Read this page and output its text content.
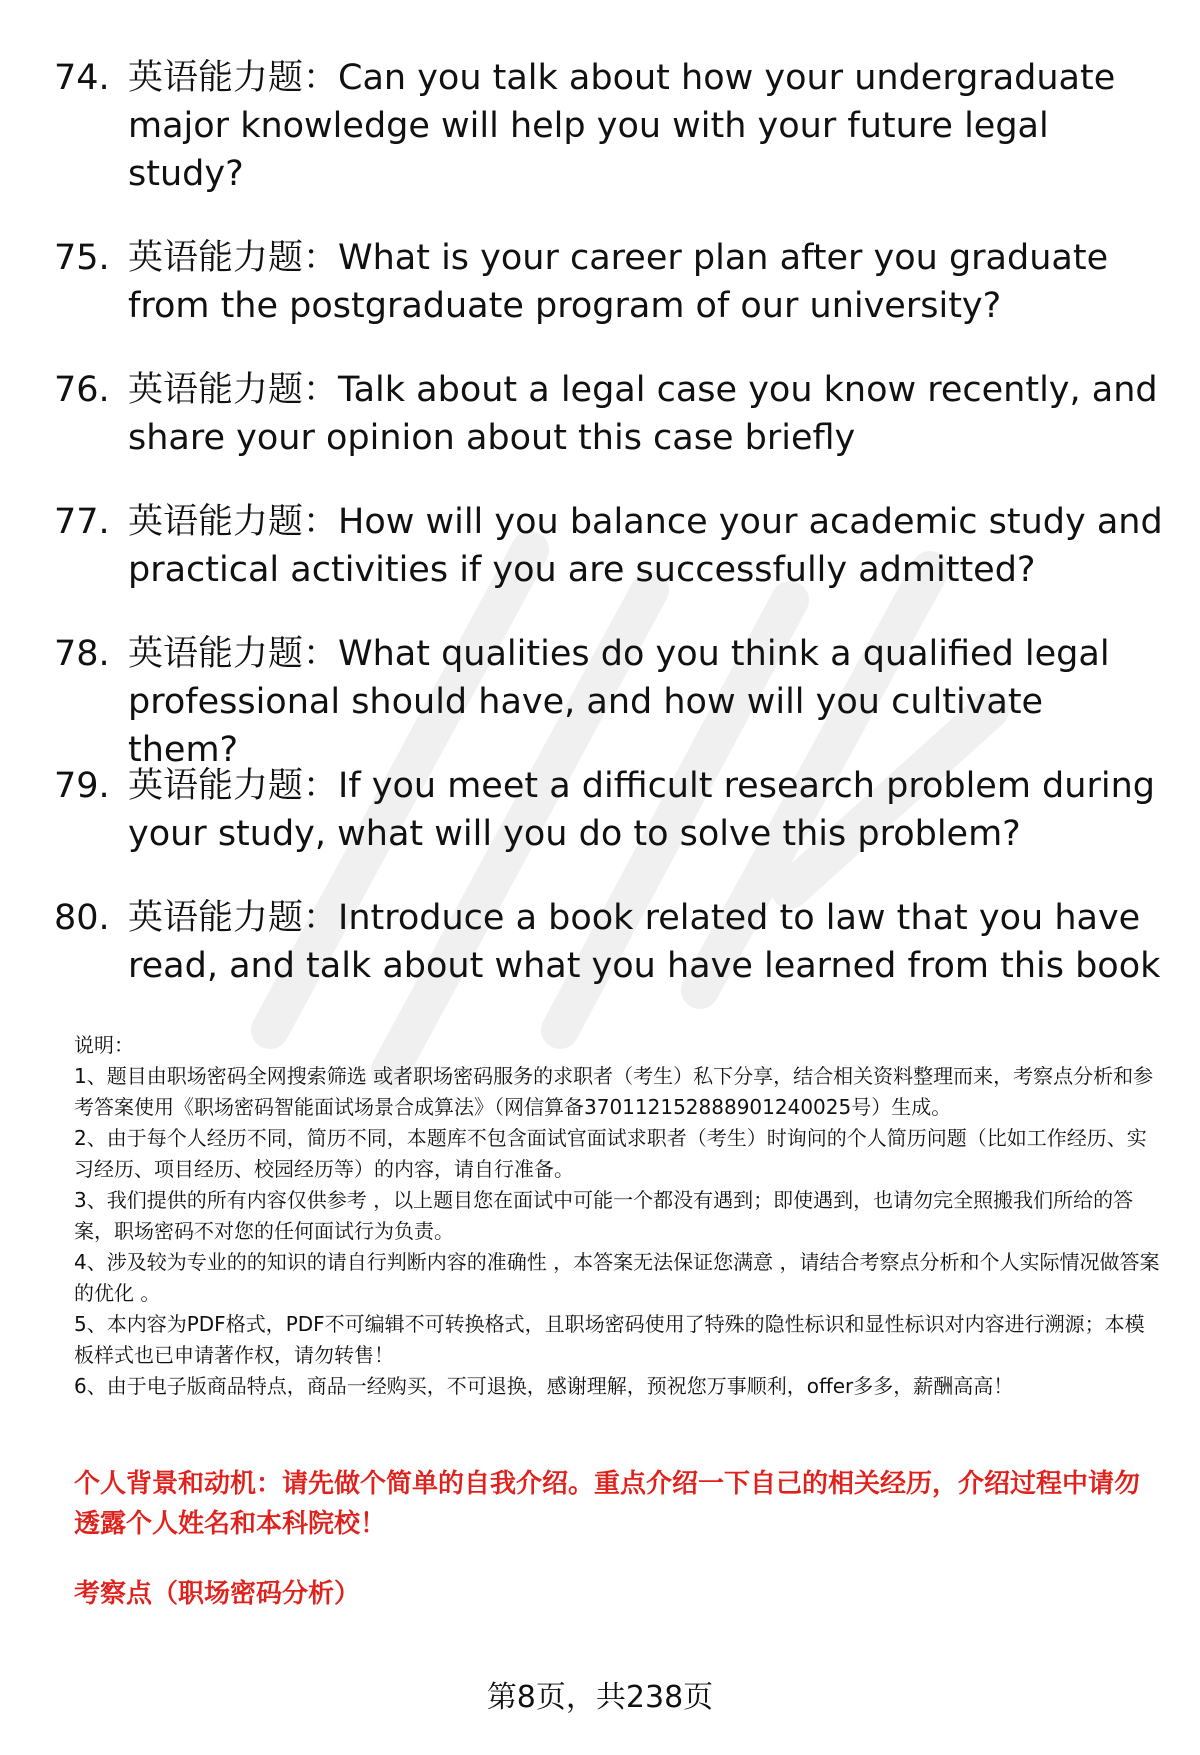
74. 英语能力题：Can you talk about how your undergraduate major knowledge will help you with your future legal study?
75. 英语能力题：What is your career plan after you graduate from the postgraduate program of our university?
76. 英语能力题：Talk about a legal case you know recently, and share your opinion about this case briefly
77. 英语能力题：How will you balance your academic study and practical activities if you are successfully admitted?
78. 英语能力题：What qualities do you think a qualified legal professional should have, and how will you cultivate them?
79. 英语能力题：If you meet a difficult research problem during your study, what will you do to solve this problem?
80. 英语能力题：Introduce a book related to law that you have read, and talk about what you have learned from this book

说明：

1、题目由职场密码全网搜索筛选 或者职场密码服务的求职者（考生）私下分享，结合相关资料整理而来，考察点分析和参考答案使用《职场密码智能面试场景合成算法》（网信算备370112152888901240025号）生成。

2、由于每个人经历不同，简历不同，本题库不包含面试官面试求职者（考生）时询问的个人简历问题（比如工作经历、实习经历、项目经历、校园经历等）的内容，请自行准备。

3、我们提供的所有内容仅供参考 ，以上题目您在面试中可能一个都没有遇到；即使遇到，也请勿完全照搬我们所给的答案，职场密码不对您的任何面试行为负责。

4、涉及较为专业的的知识的请自行判断内容的准确性 ，本答案无法保证您满意 ，请结合考察点分析和个人实际情况做答案的优化 。

5、本内容为PDF格式，PDF不可编辑不可转换格式，且职场密码使用了特殊的隐性标识和显性标识对内容进行溯源；本模板样式也已申请著作权，请勿转售！

6、由于电子版商品特点，商品一经购买，不可退换，感谢理解，预祝您万事顺利，offer多多，薪酬高高！

个人背景和动机：请先做个简单的自我介绍。重点介绍一下自己的相关经历，介绍过程中请勿透露个人姓名和本科院校！
考察点（职场密码分析）
第8页，共238页
